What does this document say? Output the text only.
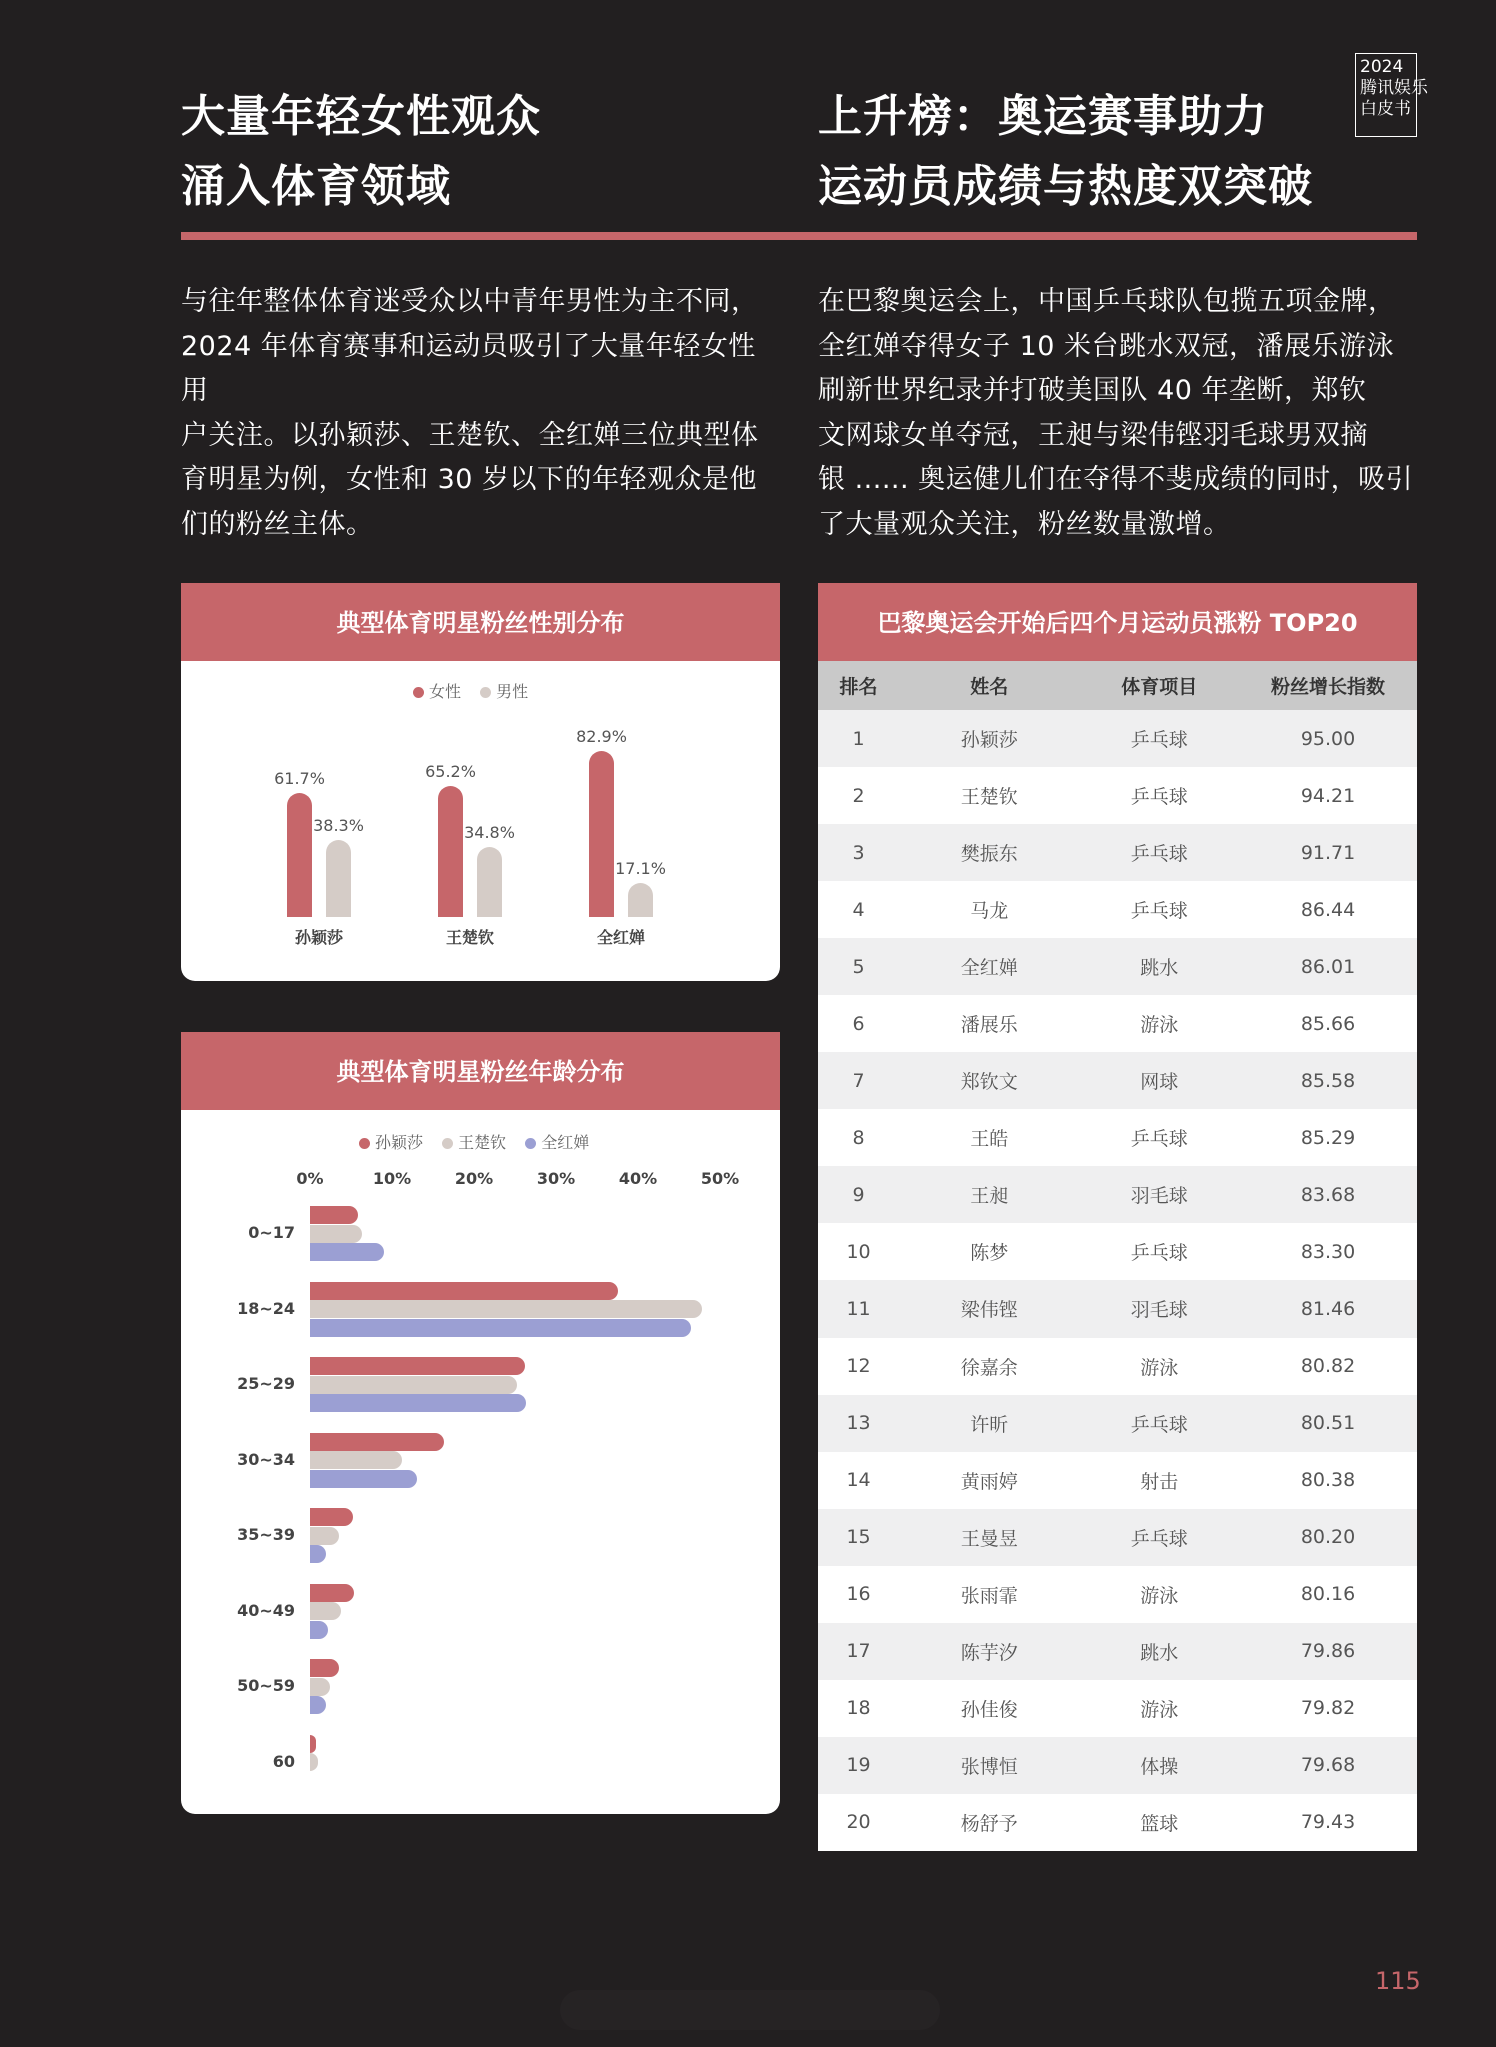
2024
腾讯娱乐
白皮书
大量年轻女性观众
涌入体育领域
上升榜：奥运赛事助力
运动员成绩与热度双突破
与往年整体体育迷受众以中青年男性为主不同，
2024 年体育赛事和运动员吸引了大量年轻女性用
户关注。以孙颖莎、王楚钦、全红婵三位典型体
育明星为例，女性和 30 岁以下的年轻观众是他
们的粉丝主体。
在巴黎奥运会上，中国乒乓球队包揽五项金牌，
全红婵夺得女子 10 米台跳水双冠，潘展乐游泳
刷新世界纪录并打破美国队 40 年垄断，郑钦
文网球女单夺冠，王昶与梁伟铿羽毛球男双摘
银 ...... 奥运健儿们在夺得不斐成绩的同时，吸引
了大量观众关注，粉丝数量激增。
典型体育明星粉丝性别分布
女性 男性
61.7%
38.3%
孙颖莎
65.2%
34.8%
王楚钦
82.9%
17.1%
全红婵
典型体育明星粉丝年龄分布
孙颖莎 王楚钦 全红婵
0%	10%	20%	30%	40%	50%
0~17
18~24
25~29
30~34
35~39
40~49
50~59
60
巴黎奥运会开始后四个月运动员涨粉 TOP20
排名	姓名	体育项目	粉丝增长指数
1	孙颖莎	乒乓球	95.00
2	王楚钦	乒乓球	94.21
3	樊振东	乒乓球	91.71
4	马龙	乒乓球	86.44
5	全红婵	跳水	86.01
6	潘展乐	游泳	85.66
7	郑钦文	网球	85.58
8	王皓	乒乓球	85.29
9	王昶	羽毛球	83.68
10	陈梦	乒乓球	83.30
11	梁伟铿	羽毛球	81.46
12	徐嘉余	游泳	80.82
13	许昕	乒乓球	80.51
14	黄雨婷	射击	80.38
15	王曼昱	乒乓球	80.20
16	张雨霏	游泳	80.16
17	陈芋汐	跳水	79.86
18	孙佳俊	游泳	79.82
19	张博恒	体操	79.68
20	杨舒予	篮球	79.43
115
